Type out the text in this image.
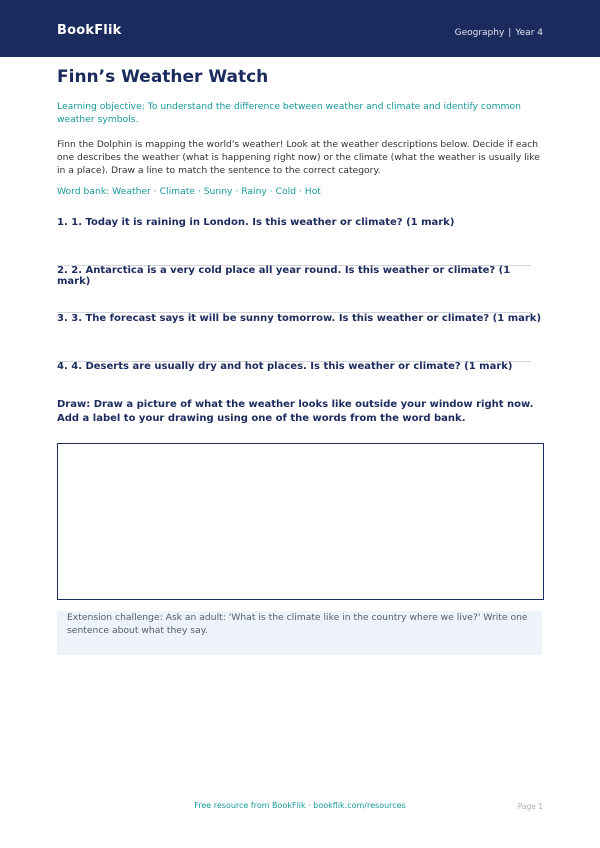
BookFlik	Geography | Year 4
Finn’s Weather Watch
Learning objective: To understand the difference between weather and climate and identify common weather symbols.
Finn the Dolphin is mapping the world's weather! Look at the weather descriptions below. Decide if each one describes the weather (what is happening right now) or the climate (what the weather is usually like in a place). Draw a line to match the sentence to the correct category.
Word bank: Weather · Climate · Sunny · Rainy · Cold · Hot
1. 1. Today it is raining in London. Is this weather or climate? (1 mark)
2. 2. Antarctica is a very cold place all year round. Is this weather or climate? (1 mark)
3. 3. The forecast says it will be sunny tomorrow. Is this weather or climate? (1 mark)
4. 4. Deserts are usually dry and hot places. Is this weather or climate? (1 mark)
Draw: Draw a picture of what the weather looks like outside your window right now. Add a label to your drawing using one of the words from the word bank.
Extension challenge: Ask an adult: 'What is the climate like in the country where we live?' Write one sentence about what they say.
Free resource from BookFlik · bookflik.com/resources	Page 1
